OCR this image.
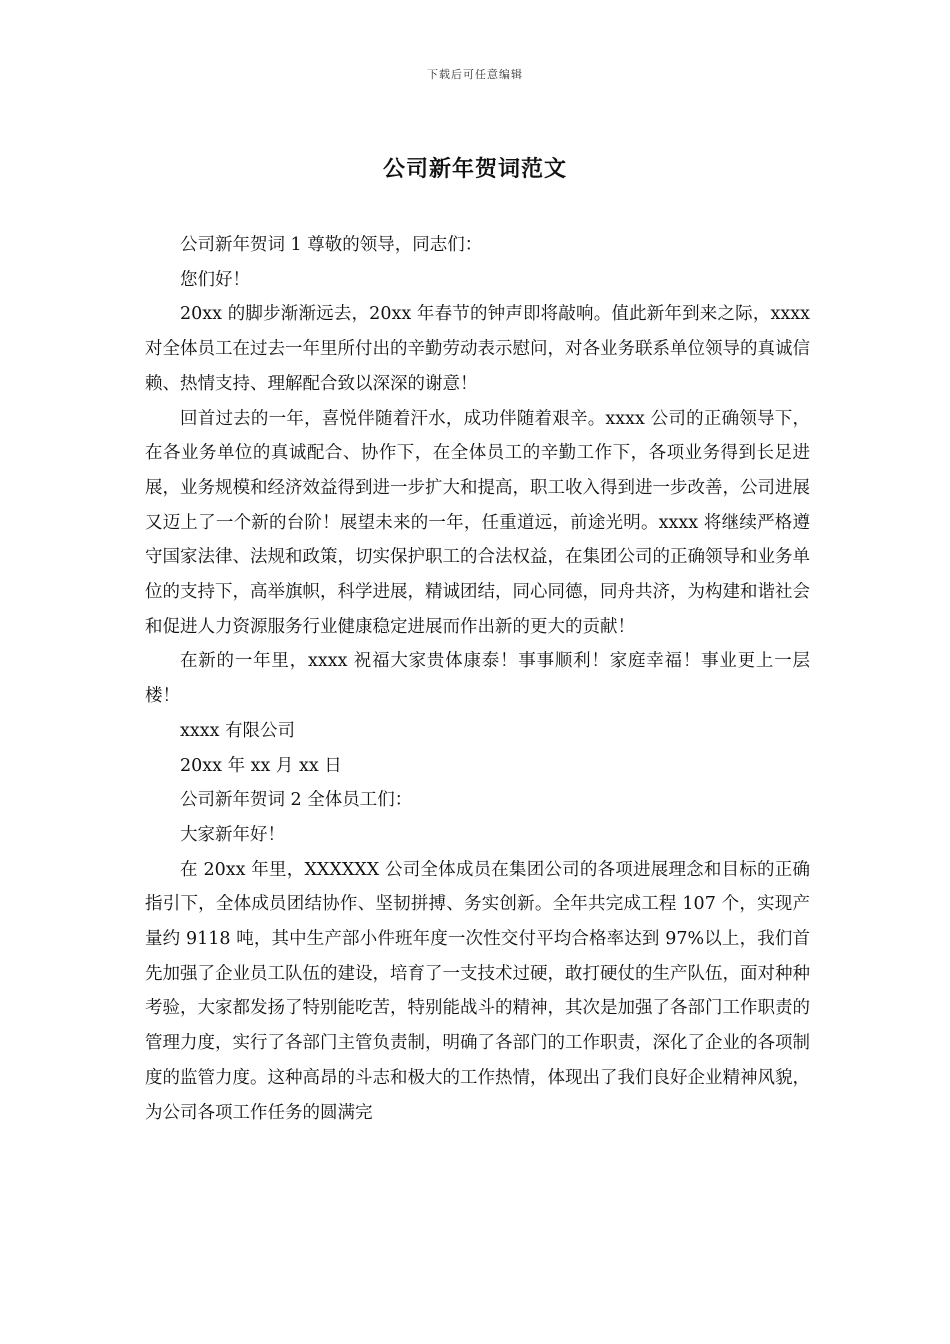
下载后可任意编辑
公司新年贺词范文

公司新年贺词 1 尊敬的领导，同志们：

您们好！

20xx 的脚步渐渐远去，20xx 年春节的钟声即将敲响。值此新年到来之际，xxxx 对全体员工在过去一年里所付出的辛勤劳动表示慰问，对各业务联系单位领导的真诚信赖、热情支持、理解配合致以深深的谢意！

回首过去的一年，喜悦伴随着汗水，成功伴随着艰辛。xxxx 公司的正确领导下，在各业务单位的真诚配合、协作下，在全体员工的辛勤工作下，各项业务得到长足进展，业务规模和经济效益得到进一步扩大和提高，职工收入得到进一步改善，公司进展又迈上了一个新的台阶！展望未来的一年，任重道远，前途光明。xxxx 将继续严格遵守国家法律、法规和政策，切实保护职工的合法权益，在集团公司的正确领导和业务单位的支持下，高举旗帜，科学进展，精诚团结，同心同德，同舟共济，为构建和谐社会和促进人力资源服务行业健康稳定进展而作出新的更大的贡献！

在新的一年里，xxxx 祝福大家贵体康泰！事事顺利！家庭幸福！事业更上一层楼！

xxxx 有限公司

20xx 年 xx 月 xx 日

公司新年贺词 2 全体员工们：

大家新年好！

在 20xx 年里，XXXXXX 公司全体成员在集团公司的各项进展理念和目标的正确指引下，全体成员团结协作、坚韧拼搏、务实创新。全年共完成工程 107 个，实现产量约 9118 吨，其中生产部小件班年度一次性交付平均合格率达到 97%以上，我们首先加强了企业员工队伍的建设，培育了一支技术过硬，敢打硬仗的生产队伍，面对种种考验，大家都发扬了特别能吃苦，特别能战斗的精神，其次是加强了各部门工作职责的管理力度，实行了各部门主管负责制，明确了各部门的工作职责，深化了企业的各项制度的监管力度。这种高昂的斗志和极大的工作热情，体现出了我们良好企业精神风貌，为公司各项工作任务的圆满完
